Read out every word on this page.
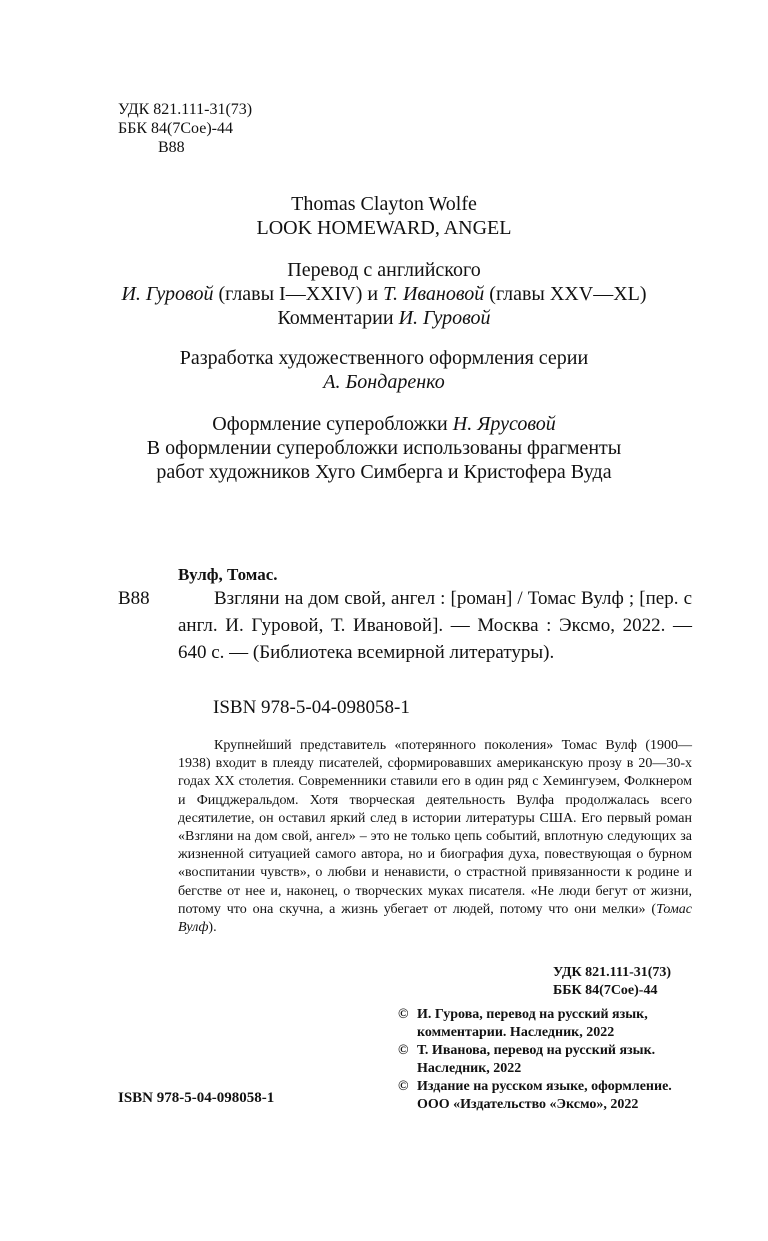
УДК 821.111-31(73)
ББК 84(7Сое)-44
В88
Thomas Clayton Wolfe
LOOK HOMEWARD, ANGEL
Перевод с английского
И. Гуровой (главы I—XXIV) и Т. Ивановой (главы XXV—XL)
Комментарии И. Гуровой
Разработка художественного оформления серии
А. Бондаренко
Оформление суперобложки Н. Ярусовой
В оформлении суперобложки использованы фрагменты
работ художников Хуго Симберга и Кристофера Вуда
Вулф, Томас.
В88	Взгляни на дом свой, ангел : [роман] / Томас Вулф ; [пер. с англ. И. Гуровой, Т. Ивановой]. — Москва : Эксмо, 2022. — 640 с. — (Библиотека всемирной литературы).
ISBN 978-5-04-098058-1
Крупнейший представитель «потерянного поколения» Томас Вулф (1900—1938) входит в плеяду писателей, сформировавших американскую прозу в 20—30-х годах XX столетия. Современники ставили его в один ряд с Хемингуэем, Фолкнером и Фицджеральдом. Хотя творческая деятельность Вулфа продолжалась всего десятилетие, он оставил яркий след в истории литературы США. Его первый роман «Взгляни на дом свой, ангел» – это не только цепь событий, вплотную следующих за жизненной ситуацией самого автора, но и биография духа, повествующая о бурном «воспитании чувств», о любви и ненависти, о страстной привязанности к родине и бегстве от нее и, наконец, о творческих муках писателя. «Не люди бегут от жизни, потому что она скучна, а жизнь убегает от людей, потому что они мелки» (Томас Вулф).
УДК 821.111-31(73)
ББК 84(7Сое)-44
© И. Гурова, перевод на русский язык, комментарии. Наследник, 2022
© Т. Иванова, перевод на русский язык. Наследник, 2022
© Издание на русском языке, оформление. ООО «Издательство «Эксмо», 2022
ISBN 978-5-04-098058-1
